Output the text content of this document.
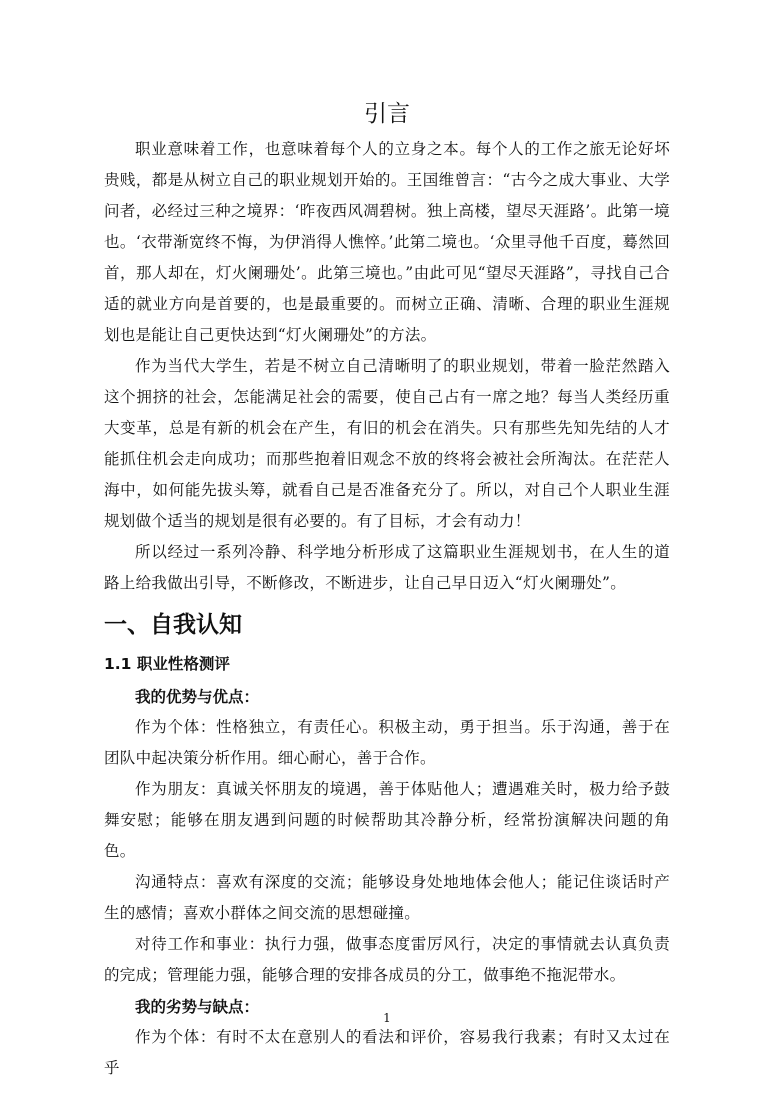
引言

职业意味着工作，也意味着每个人的立身之本。每个人的工作之旅无论好坏贵贱，都是从树立自己的职业规划开始的。王国维曾言：“古今之成大事业、大学问者，必经过三种之境界：‘昨夜西风凋碧树。独上高楼，望尽天涯路’。此第一境也。‘衣带渐宽终不悔，为伊消得人憔悴。’此第二境也。‘众里寻他千百度，蓦然回首，那人却在，灯火阑珊处’。此第三境也。”由此可见“望尽天涯路”，寻找自己合适的就业方向是首要的，也是最重要的。而树立正确、清晰、合理的职业生涯规划也是能让自己更快达到“灯火阑珊处”的方法。

作为当代大学生，若是不树立自己清晰明了的职业规划，带着一脸茫然踏入这个拥挤的社会，怎能满足社会的需要，使自己占有一席之地？每当人类经历重大变革，总是有新的机会在产生，有旧的机会在消失。只有那些先知先结的人才能抓住机会走向成功；而那些抱着旧观念不放的终将会被社会所淘汰。在茫茫人海中，如何能先拔头筹，就看自己是否准备充分了。所以，对自己个人职业生涯规划做个适当的规划是很有必要的。有了目标，才会有动力！

所以经过一系列冷静、科学地分析形成了这篇职业生涯规划书，在人生的道路上给我做出引导，不断修改，不断进步，让自己早日迈入“灯火阑珊处”。

一、自我认知
1.1 职业性格测评

我的优势与优点：

作为个体：性格独立，有责任心。积极主动，勇于担当。乐于沟通，善于在团队中起决策分析作用。细心耐心，善于合作。

作为朋友：真诚关怀朋友的境遇，善于体贴他人；遭遇难关时，极力给予鼓舞安慰；能够在朋友遇到问题的时候帮助其冷静分析，经常扮演解决问题的角色。

沟通特点：喜欢有深度的交流；能够设身处地地体会他人；能记住谈话时产生的感情；喜欢小群体之间交流的思想碰撞。

对待工作和事业：执行力强，做事态度雷厉风行，决定的事情就去认真负责的完成；管理能力强，能够合理的安排各成员的分工，做事绝不拖泥带水。

我的劣势与缺点：

作为个体：有时不太在意别人的看法和评价，容易我行我素；有时又太过在乎

1
